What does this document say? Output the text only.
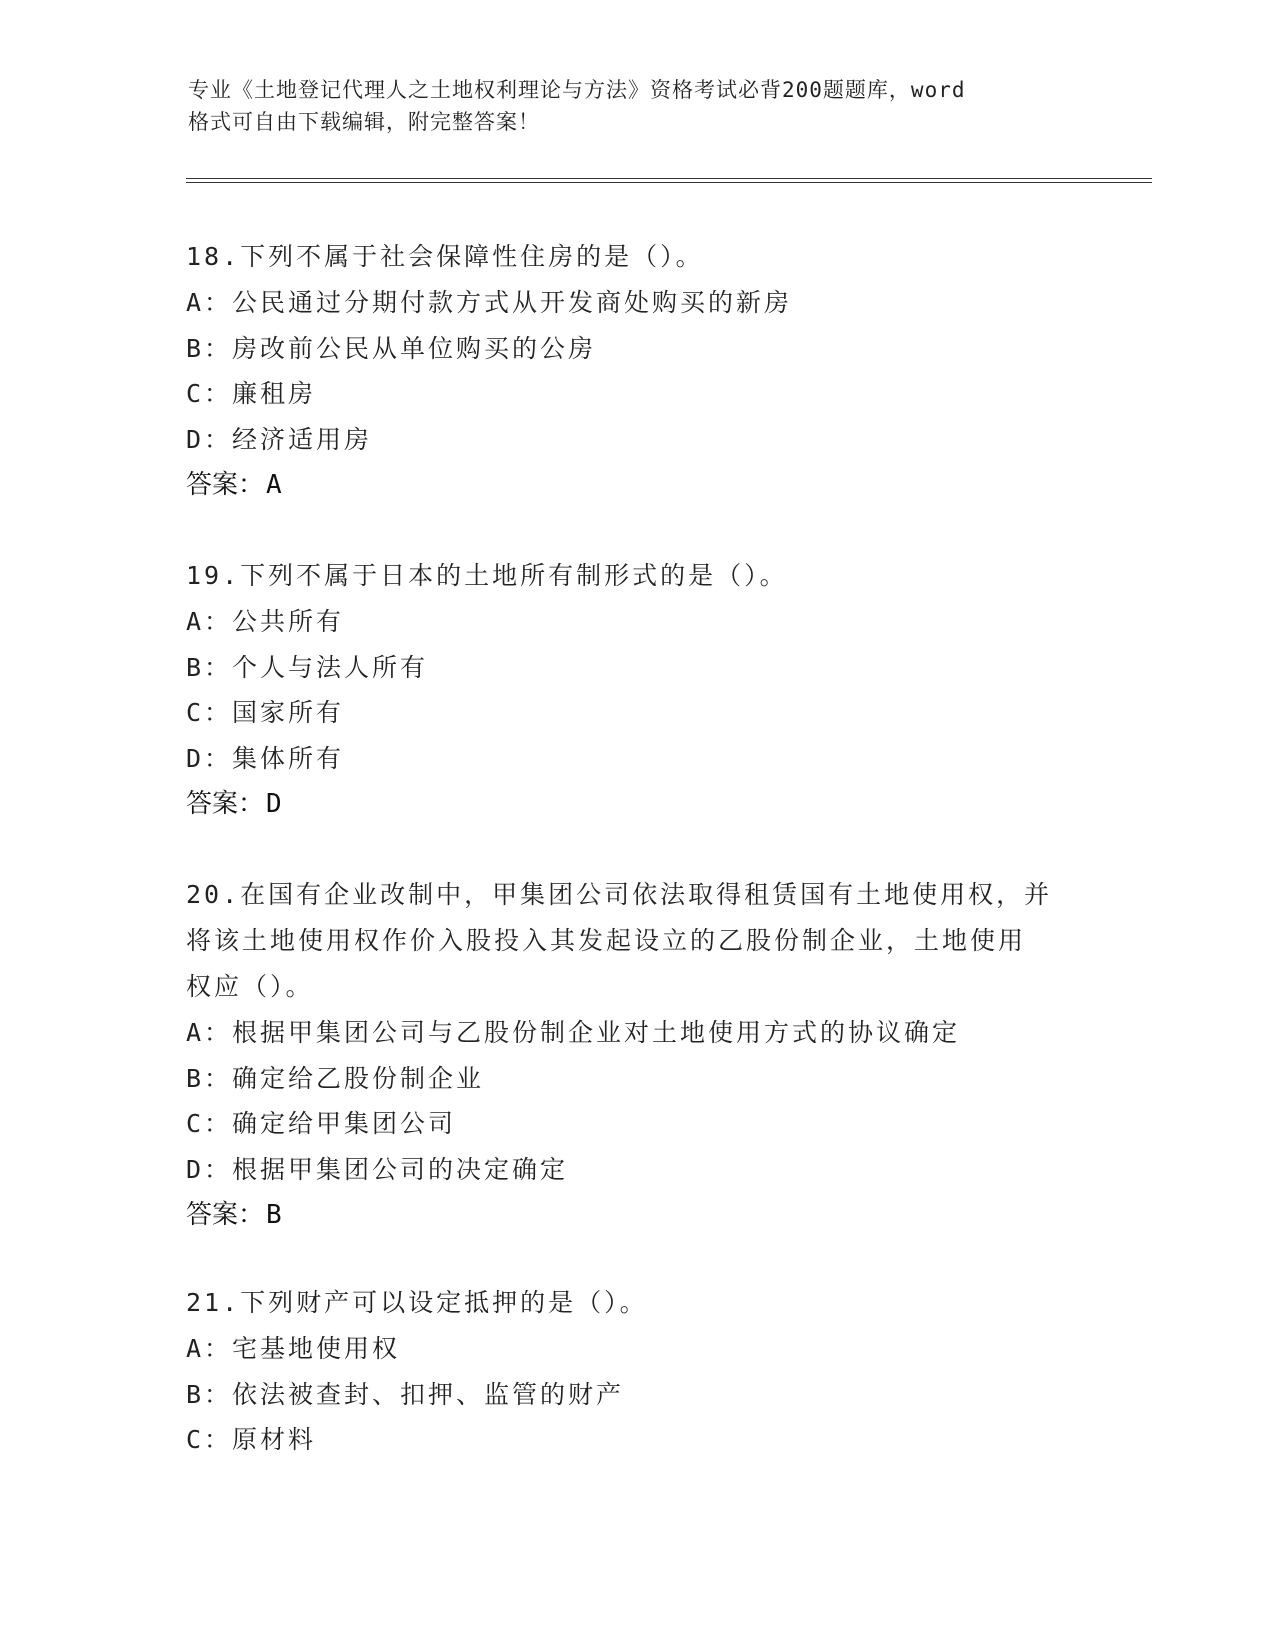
专业《土地登记代理人之土地权利理论与方法》资格考试必背200题题库，word
格式可自由下载编辑，附完整答案！

18.下列不属于社会保障性住房的是（）。

A：公民通过分期付款方式从开发商处购买的新房

B：房改前公民从单位购买的公房

C：廉租房

D：经济适用房

答案：A

19.下列不属于日本的土地所有制形式的是（）。

A：公共所有

B：个人与法人所有

C：国家所有

D：集体所有

答案：D

20.在国有企业改制中，甲集团公司依法取得租赁国有土地使用权，并

将该土地使用权作价入股投入其发起设立的乙股份制企业，土地使用

权应（）。

A：根据甲集团公司与乙股份制企业对土地使用方式的协议确定

B：确定给乙股份制企业

C：确定给甲集团公司

D：根据甲集团公司的决定确定

答案：B

21.下列财产可以设定抵押的是（）。

A：宅基地使用权

B：依法被查封、扣押、监管的财产

C：原材料
